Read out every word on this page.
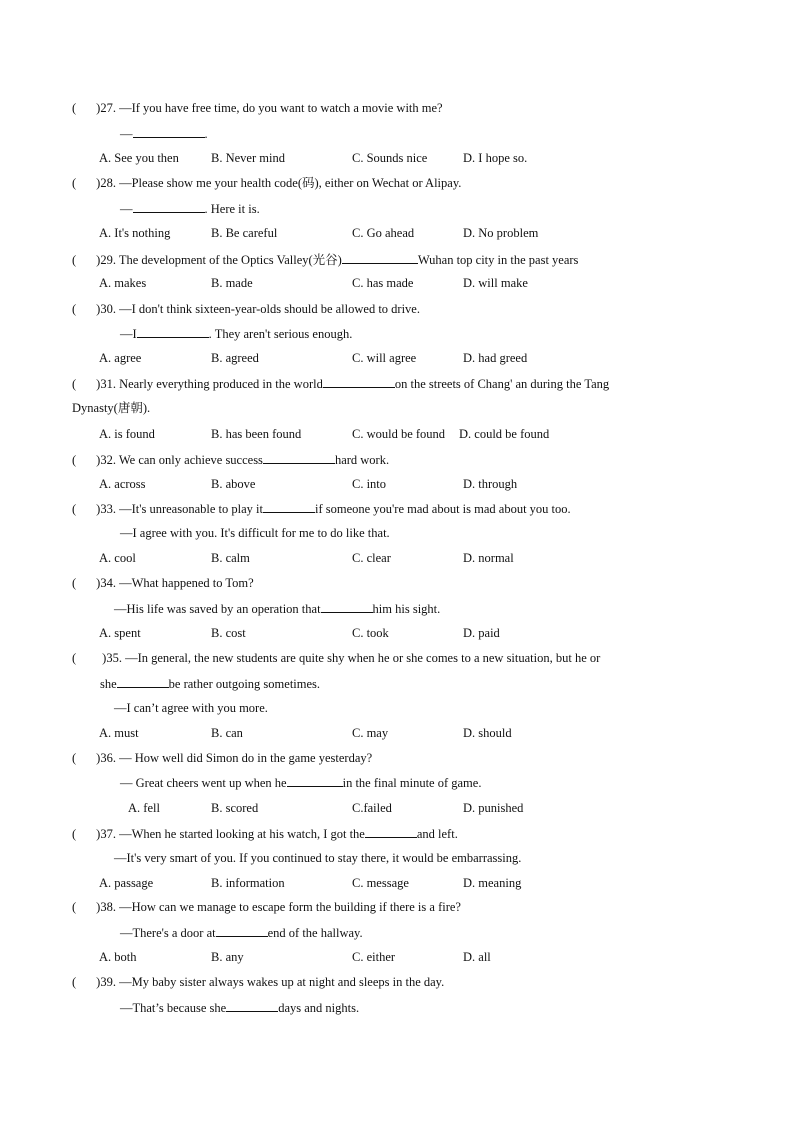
( )27. —If you have free time, do you want to watch a movie with me?
—	.
A. See you then	B. Never mind	C. Sounds nice	D. I hope so.
( )28. —Please show me your health code(码), either on Wechat or Alipay.
—	. Here it is.
A. It's nothing	B. Be careful	C. Go ahead	D. No problem
( )29. The development of the Optics Valley(光谷)	Wuhan top city in the past years
A. makes	B. made	C. has made	D. will make
( )30. —I don't think sixteen-year-olds should be allowed to drive.
—I	. They aren't serious enough.
A. agree	B. agreed	C. will agree	D. had greed
( )31. Nearly everything produced in the world	on the streets of Chang' an during the Tang
Dynasty(唐朝).
A. is found	B. has been found	C. would be found D. could be found
( )32. We can only achieve success	hard work.
A. across	B. above	C. into	D. through
( )33. —It's unreasonable to play it	if someone you're mad about is mad about you too.
—I agree with you. It's difficult for me to do like that.
A. cool	B. calm	C. clear	D. normal
( )34. —What happened to Tom?
—His life was saved by an operation that	him his sight.
A. spent	B. cost	C. took	D. paid
( )35. —In general, the new students are quite shy when he or she comes to a new situation, but he or
she	be rather outgoing sometimes.
—I can’t agree with you more.
A. must	B. can	C. may	D. should
( )36. — How well did Simon do in the game yesterday?
— Great cheers went up when he	in the final minute of game.
A. fell	B. scored	C.failed	D. punished
( )37. —When he started looking at his watch, I got the	and left.
—It's very smart of you. If you continued to stay there, it would be embarrassing.
A. passage	B. information	C. message	D. meaning
( )38. —How can we manage to escape form the building if there is a fire?
—There's a door at	end of the hallway.
A. both	B. any	C. either	D. all
( )39. —My baby sister always wakes up at night and sleeps in the day.
—That’s because she	days and nights.
